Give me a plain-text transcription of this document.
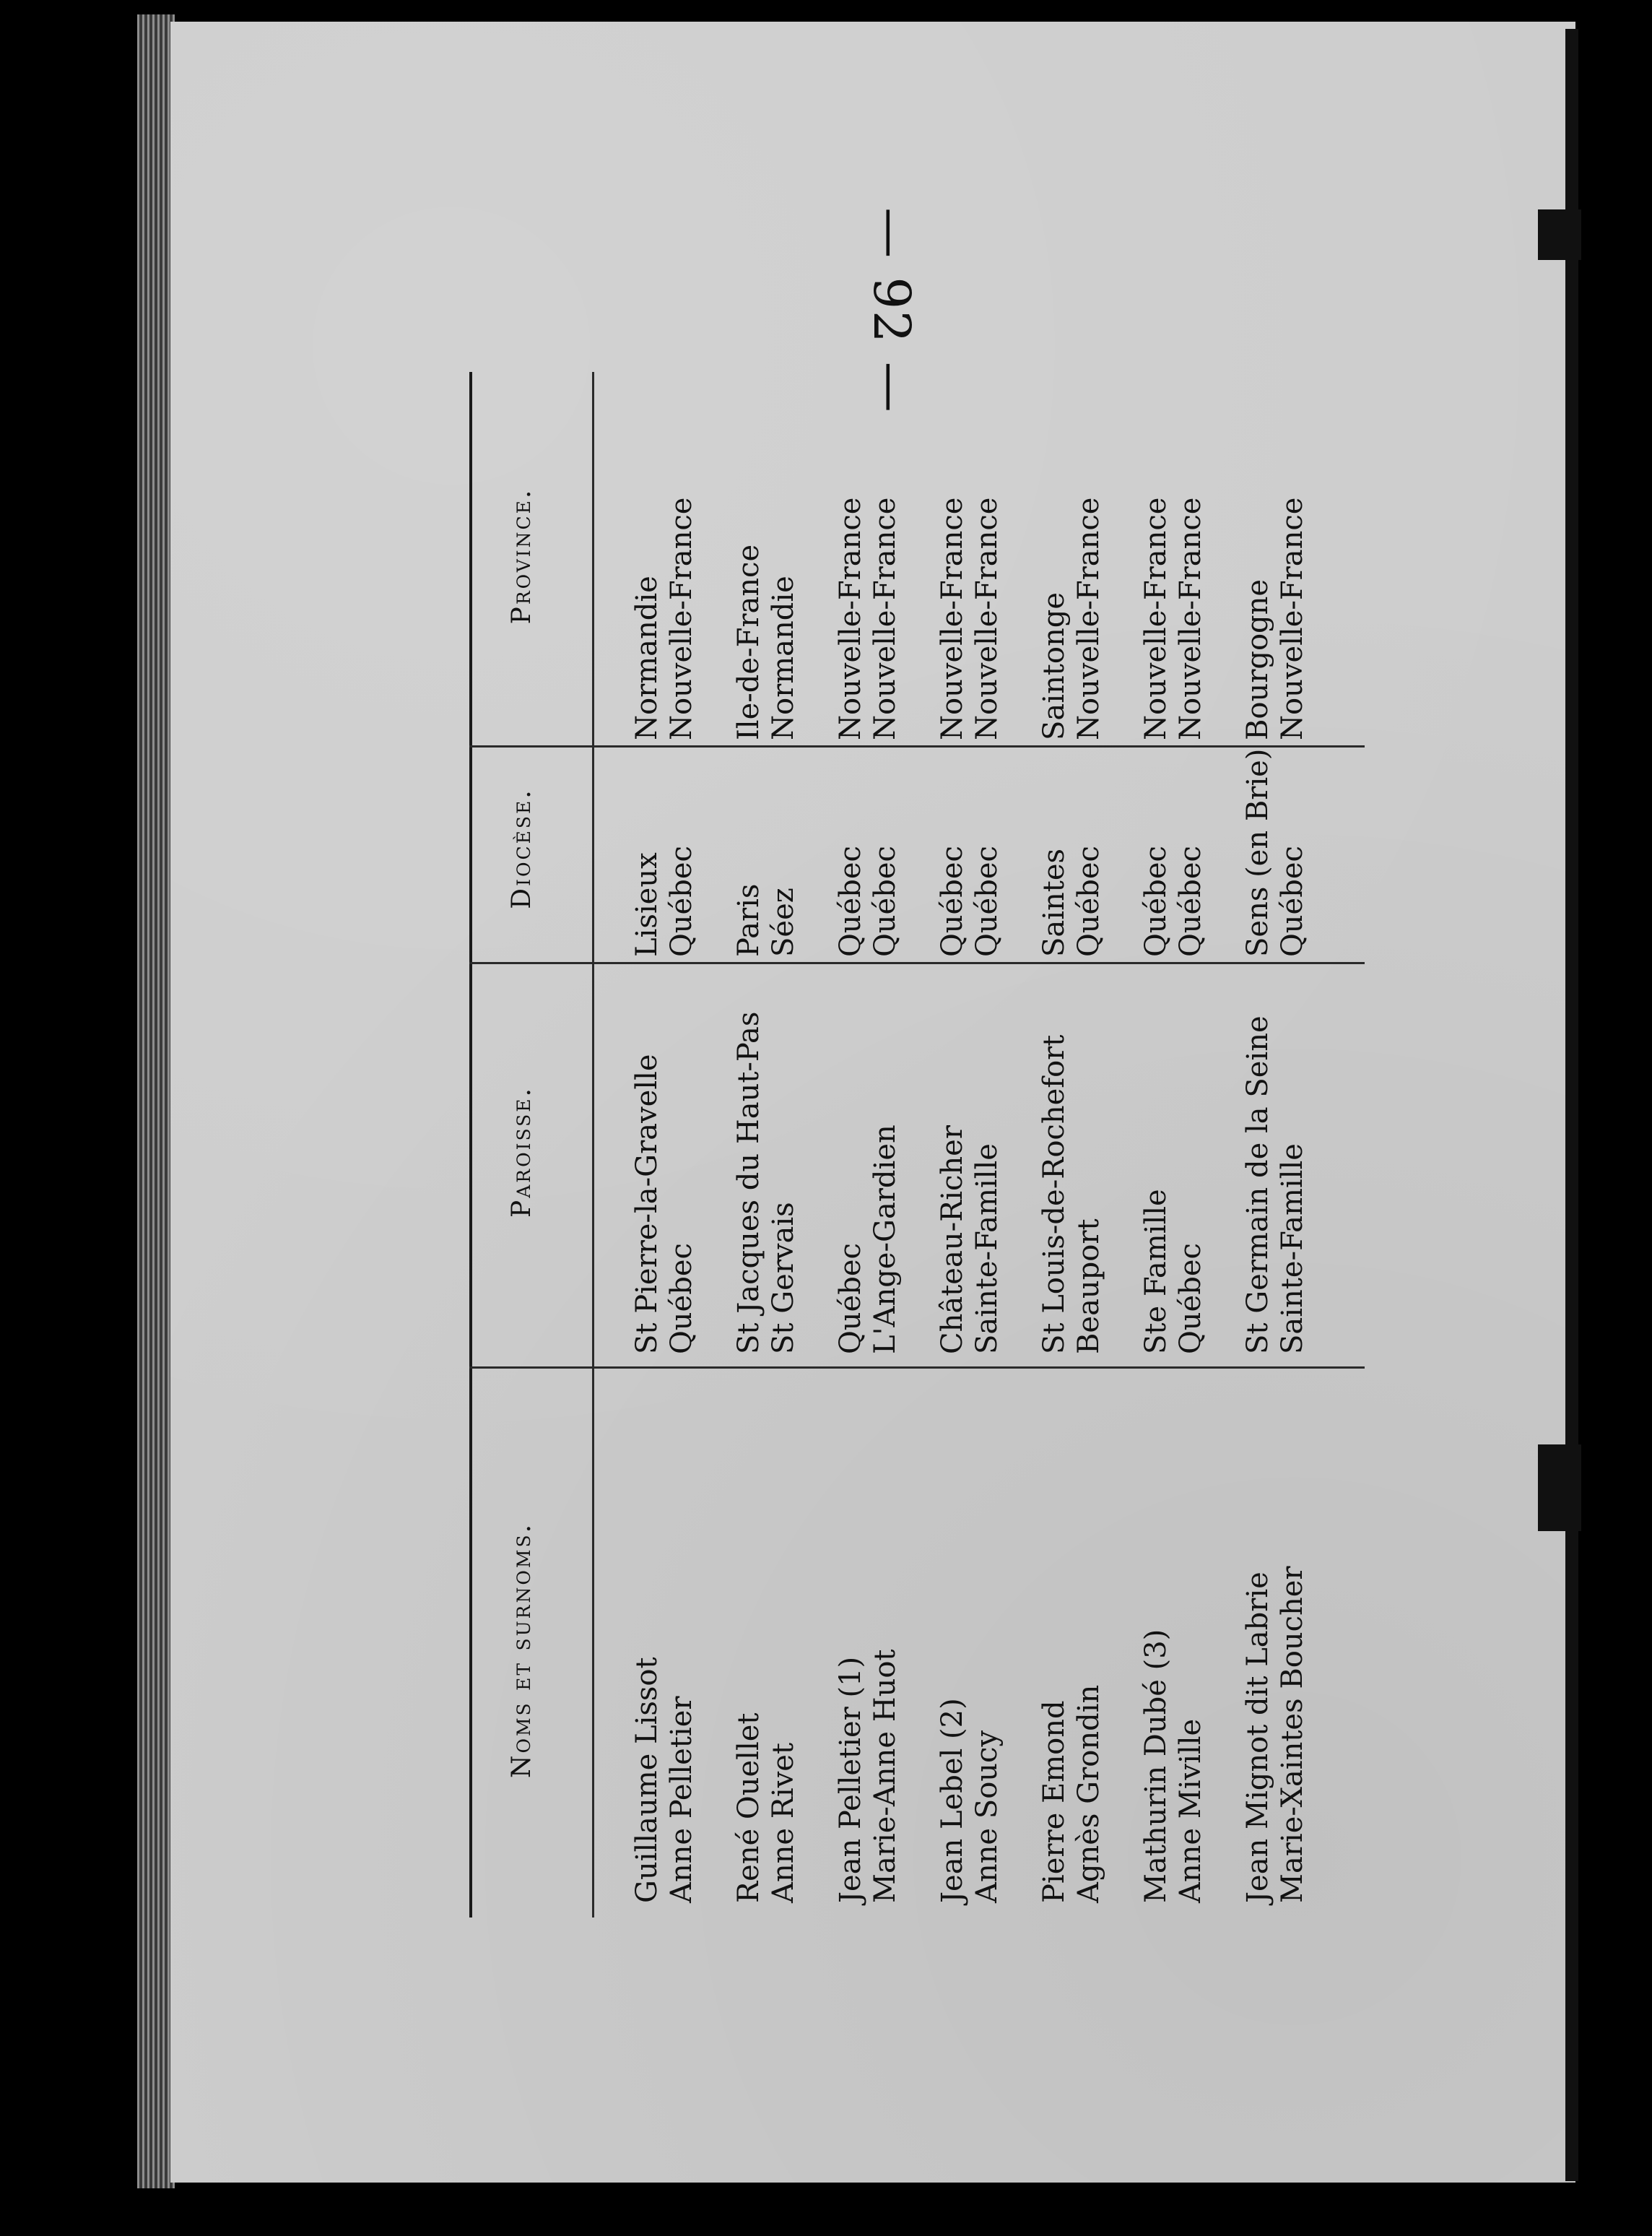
— 92 —
Noms et surnoms.
Paroisse.
Diocèse.
Province.
Guillaume Lissot Anne Pelletier
St Pierre-la-Gravelle Québec
Lisieux Québec
Normandie Nouvelle-France
René Ouellet Anne Rivet
St Jacques du Haut-Pas St Gervais
Paris Séez
Ile-de-France Normandie
Jean Pelletier (1) Marie-Anne Huot
Québec L'Ange-Gardien
Québec Québec
Nouvelle-France Nouvelle-France
Jean Lebel (2) Anne Soucy
Château-Richer Sainte-Famille
Québec Québec
Nouvelle-France Nouvelle-France
Pierre Emond Agnès Grondin
St Louis-de-Rochefort Beauport
Saintes Québec
Saintonge Nouvelle-France
Mathurin Dubé (3) Anne Miville
Ste Famille Québec
Québec Québec
Nouvelle-France Nouvelle-France
Jean Mignot dit Labrie Marie-Xaintes Boucher
St Germain de la Seine Sainte-Famille
Sens (en Brie) Québec
Bourgogne Nouvelle-France
